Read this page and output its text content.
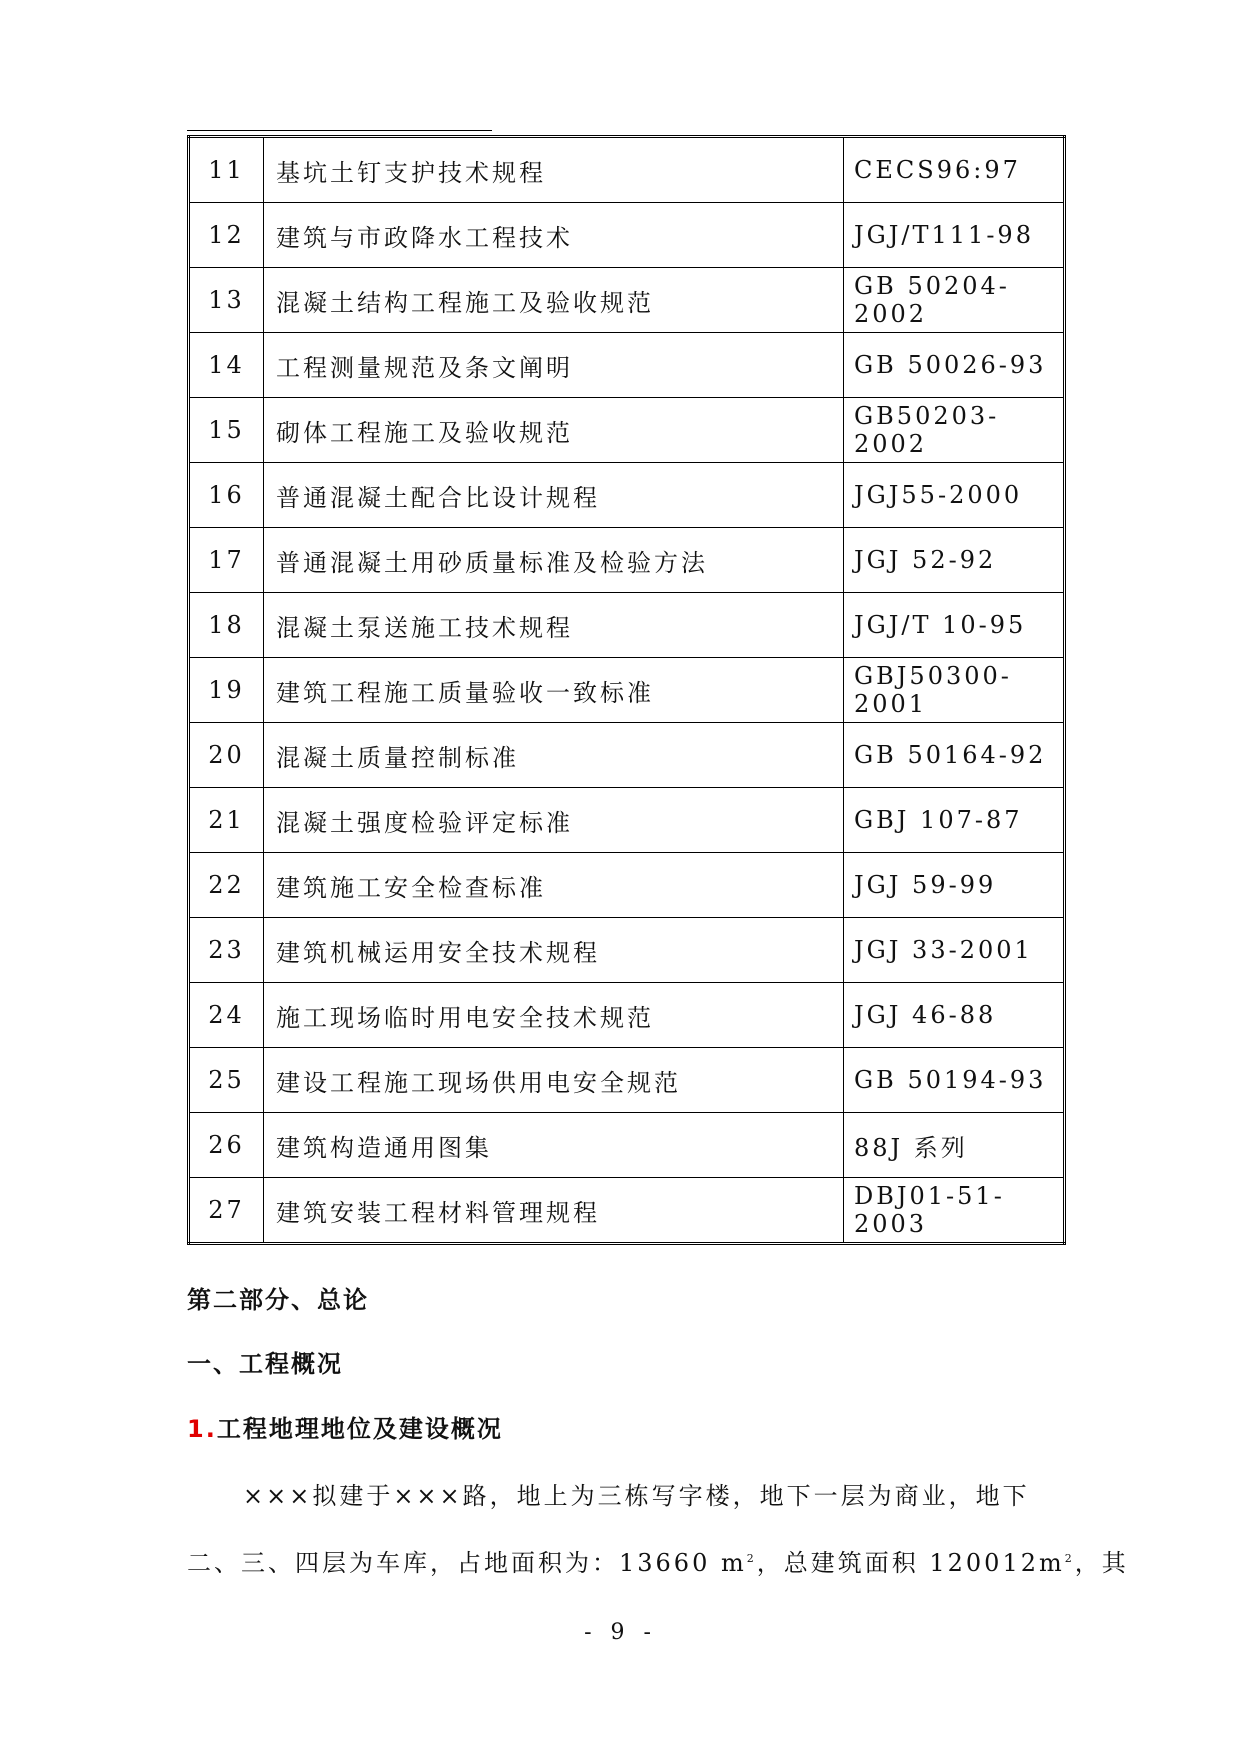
11	基坑土钉支护技术规程	CECS96:97
12	建筑与市政降水工程技术	JGJ/T111-98
13	混凝土结构工程施工及验收规范	GB 50204-2002
14	工程测量规范及条文阐明	GB 50026-93
15	砌体工程施工及验收规范	GB50203-2002
16	普通混凝土配合比设计规程	JGJ55-2000
17	普通混凝土用砂质量标准及检验方法	JGJ 52-92
18	混凝土泵送施工技术规程	JGJ/T 10-95
19	建筑工程施工质量验收一致标准	GBJ50300-2001
20	混凝土质量控制标准	GB 50164-92
21	混凝土强度检验评定标准	GBJ 107-87
22	建筑施工安全检查标准	JGJ 59-99
23	建筑机械运用安全技术规程	JGJ 33-2001
24	施工现场临时用电安全技术规范	JGJ 46-88
25	建设工程施工现场供用电安全规范	GB 50194-93
26	建筑构造通用图集	88J 系列
27	建筑安装工程材料管理规程	DBJ01-51-2003
第二部分、总论
一、工程概况
1.工程地理地位及建设概况
×××拟建于×××路，地上为三栋写字楼，地下一层为商业，地下
二、三、四层为车库，占地面积为：13660 $m^2$，总建筑面积 $120012m^2$，其
- 9 -
